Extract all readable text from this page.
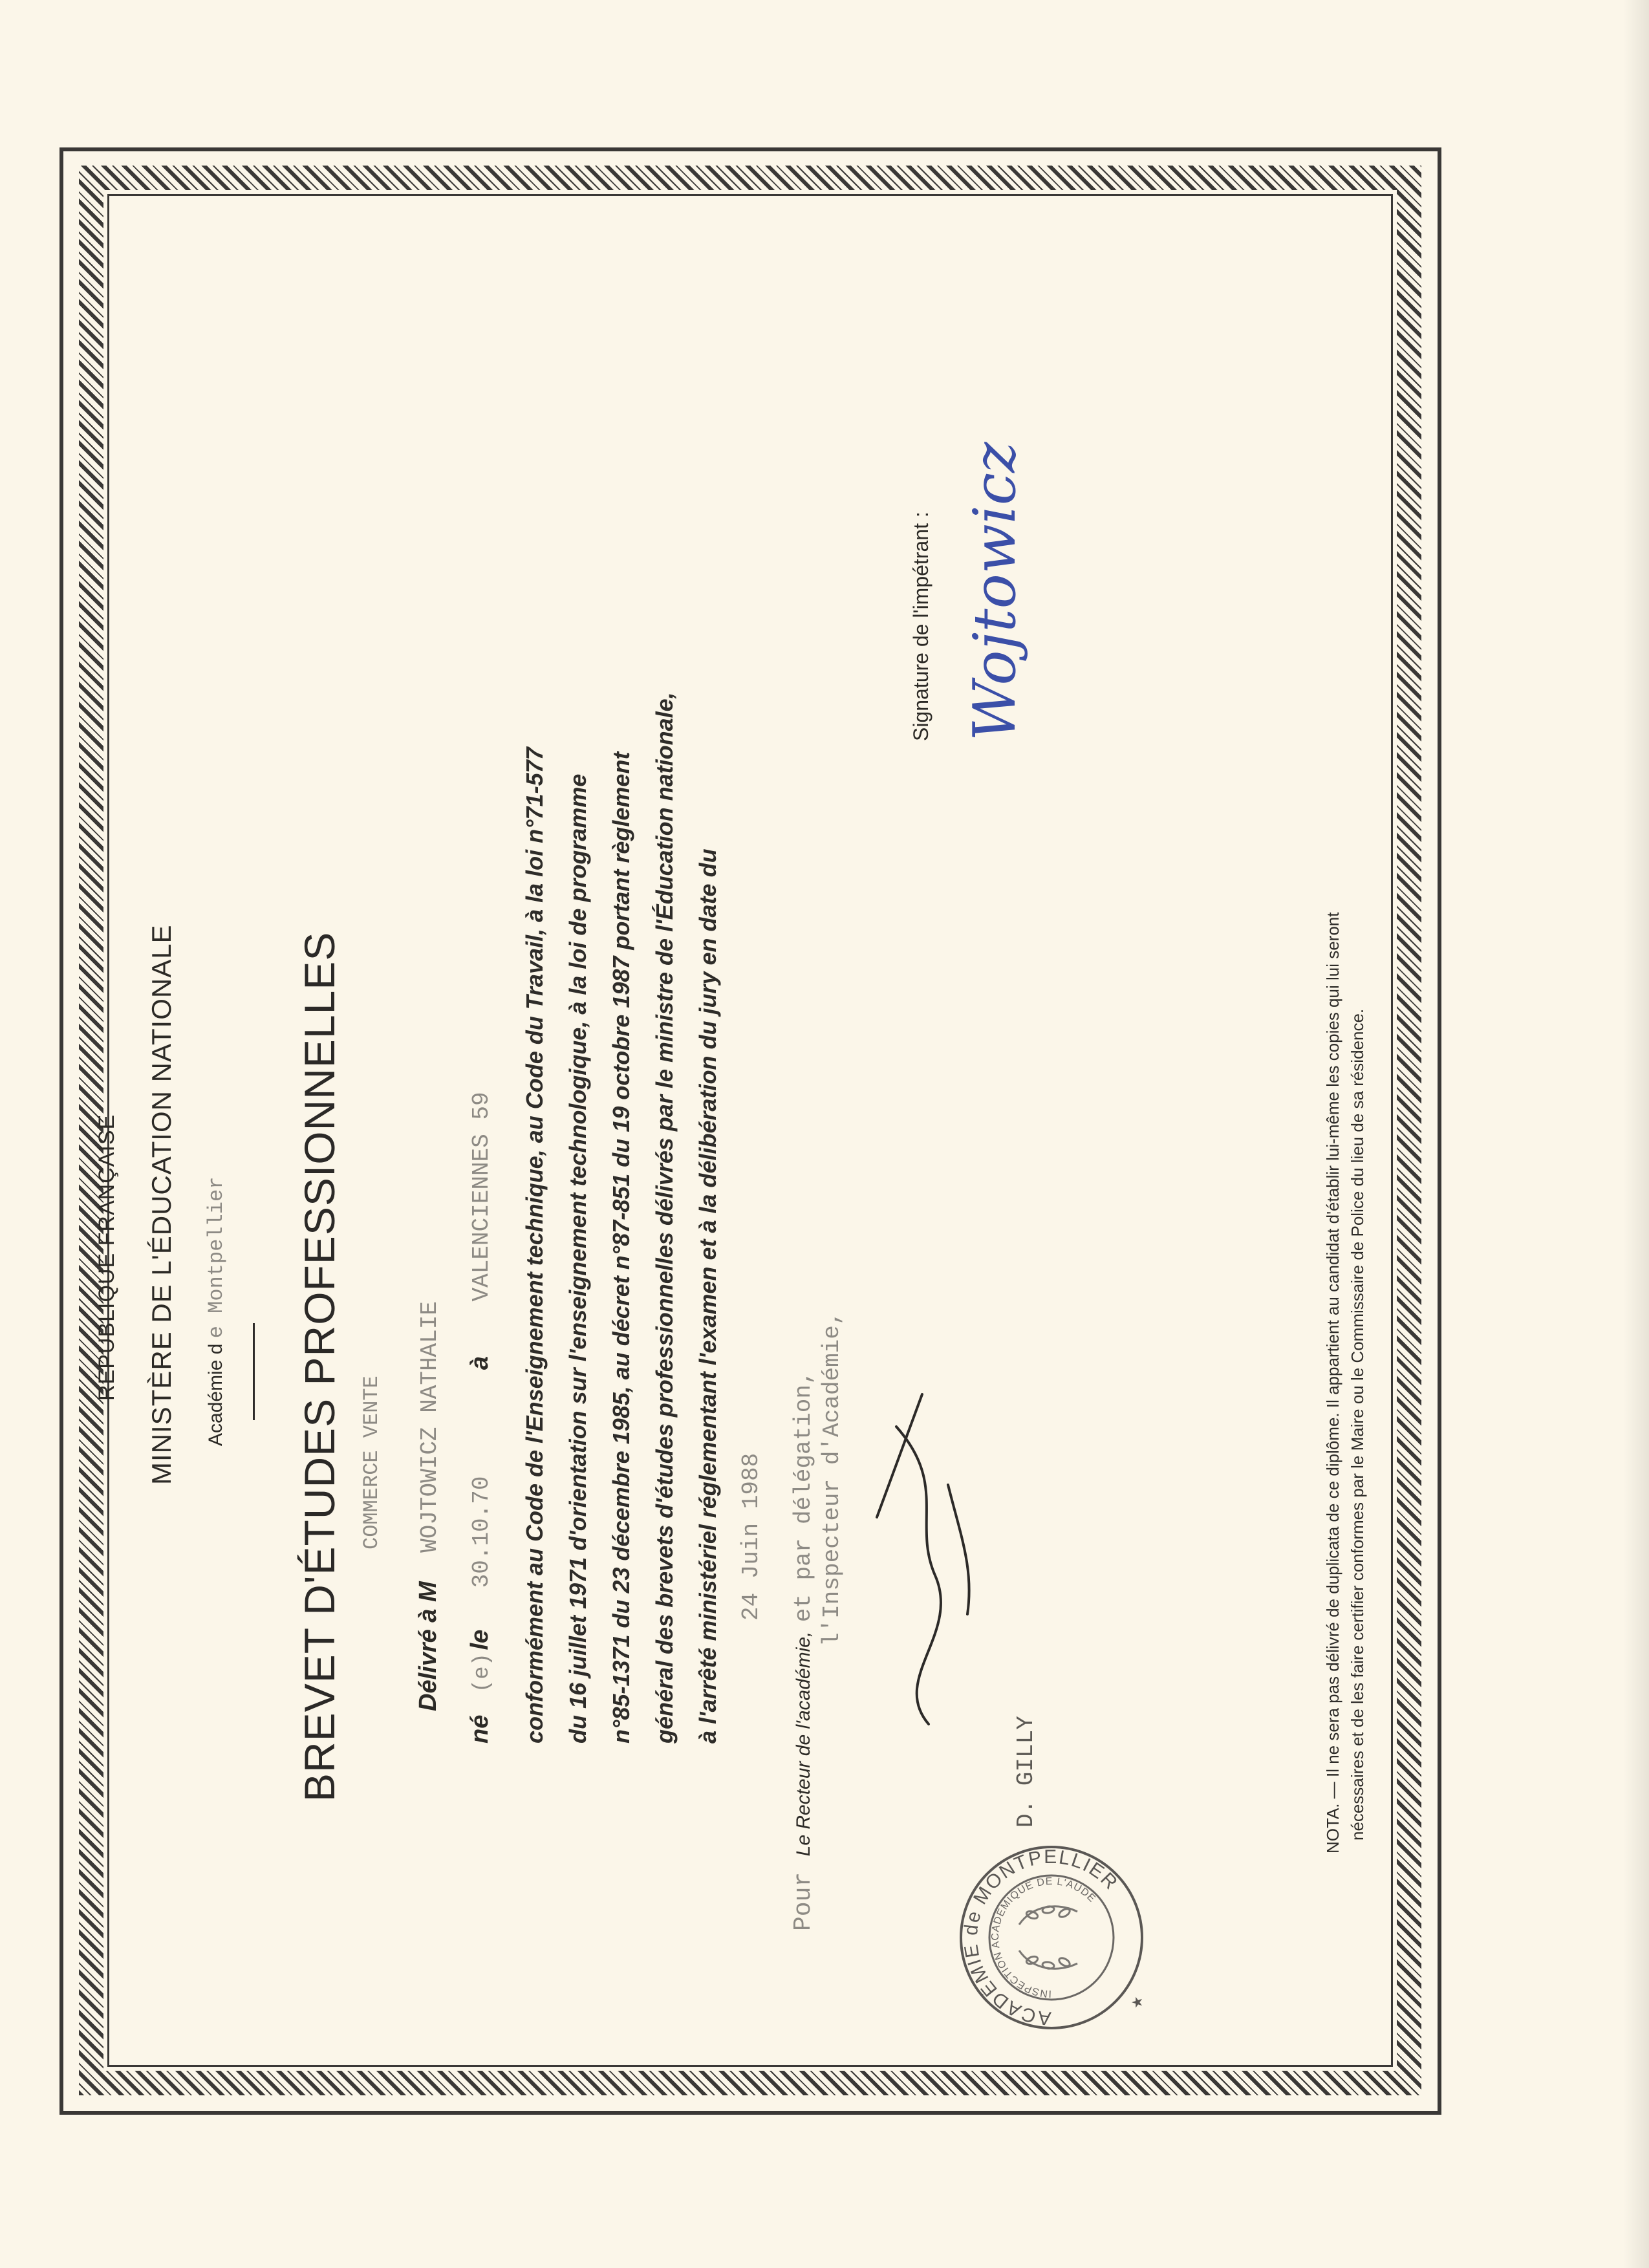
RÉPUBLIQUE FRANÇAISE MINISTÈRE DE L'ÉDUCATION NATIONALE Académie d e Montpellier BREVET D'ÉTUDES PROFESSIONNELLES COMMERCE VENTE
Délivré à M WOJTOWICZ NATHALIE
né (e) le 30.10.70 à VALENCIENNES 59 conformément au Code de l'Enseignement technique, au Code du Travail, à la loi n°71-577 du 16 juillet 1971 d'orientation sur l'enseignement technologique, à la loi de programme n°85-1371 du 23 décembre 1985, au décret n°87-851 du 19 octobre 1987 portant règlement général des brevets d'études professionnelles délivrés par le ministre de l'Éducation nationale, à l'arrêté ministériel réglementant l'examen et à la délibération du jury en date du 24 Juin 1988
Pour Le Recteur de l'académie, et par délégation, l'Inspecteur d'Académie,
D. GILLY
Signature de l'impétrant : Wojtowicz
ACADÉMIE de MONTPELLIER
INSPECTION ACADÉMIQUE DE L'AUDE
★
NOTA. — Il ne sera pas délivré de duplicata de ce diplôme. Il appartient au candidat d'établir lui-même les copies qui lui seront nécessaires et de les faire certifier conformes par le Maire ou le Commissaire de Police du lieu de sa résidence.
